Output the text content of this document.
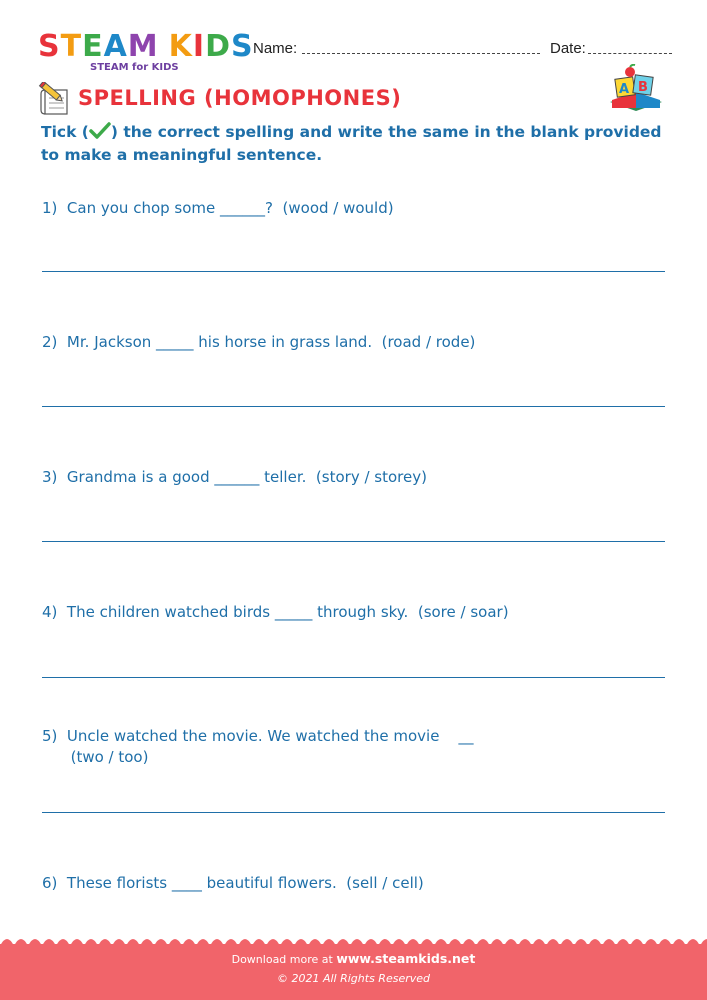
STEAM KIDS
STEAM for KIDS
Name:	Date:
SPELLING (HOMOPHONES)	A B
Tick ( ) the correct spelling and write the same in the blank provided to make a meaningful sentence.
1)  Can you chop some ______?  (wood / would)
2)  Mr. Jackson _____ his horse in grass land.  (road / rode)
3)  Grandma is a good ______ teller.  (story / storey)
4)  The children watched birds _____ through sky.  (sore / soar)
5)  Uncle watched the movie. We watched the movie    __
(two / too)
6)  These florists ____ beautiful flowers.  (sell / cell)
Download more at www.steamkids.net
© 2021 All Rights Reserved
